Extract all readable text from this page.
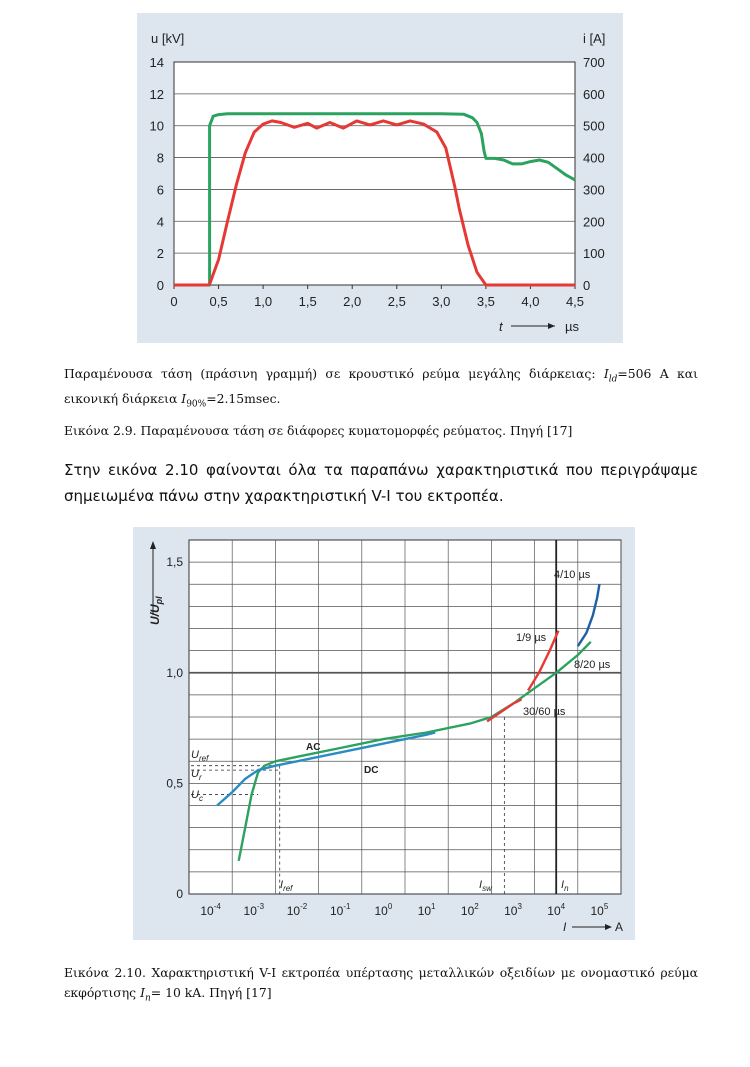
u [kV]	i [A]
0	0
2	100
4	200
6	300
8	400
10	500
12	600
14	700
0 0,5 1,0 1,5 2,0 2,5 3,0 3,5 4,0 4,5
t	µs
Παραμένουσα τάση (πράσινη γραμμή) σε κρουστικό ρεύμα μεγάλης διάρκειας: $I_{ld}=506$ A και εικονική διάρκεια $I_{90\%}=2.15msec$.
Εικόνα 2.9. Παραμένουσα τάση σε διάφορες κυματομορφές ρεύματος. Πηγή [17]
Στην εικόνα 2.10 φαίνονται όλα τα παραπάνω χαρακτηριστικά που περιγράψαμε σημειωμένα πάνω στην χαρακτηριστική V-I του εκτροπέα.
$10^{-4}$ $10^{-3}$ $10^{-2}$ $10^{-1}$ $10^0$ $10^1$ $10^2$ $10^3$ $10^4$ $10^5$
0
0,5
1,0
1,5
$U/U_{pl}$
I	A
AC
DC
4/10 µs
1/9 µs
8/20 µs
30/60 µs
$U_{ref}$
$U_r$
$U_c$
$I_{ref}$	$I_{sw}$	$I_n$
Εικόνα 2.10. Χαρακτηριστική V-I εκτροπέα υπέρτασης μεταλλικών οξειδίων με ονομαστικό ρεύμα εκφόρτισης $I_n= 10$ kA. Πηγή [17]
